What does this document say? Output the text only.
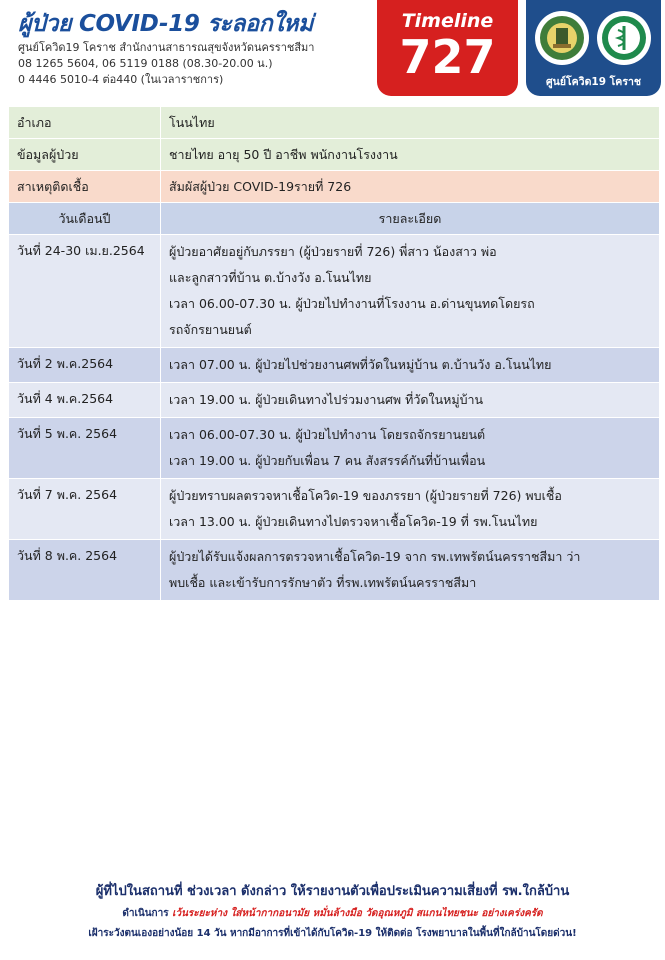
ผู้ป่วย COVID-19 ระลอกใหม่
ศูนย์โควิด19 โคราช สำนักงานสาธารณสุขจังหวัดนครราชสีมา
08 1265 5604, 06 5119 0188 (08.30-20.00 น.)
0 4446 5010-4 ต่อ440 (ในเวลาราชการ)
Timeline
727	ศูนย์โควิด19 โคราช
อำเภอ	โนนไทย
ข้อมูลผู้ป่วย	ชายไทย อายุ 50 ปี อาชีพ พนักงานโรงงาน
สาเหตุติดเชื้อ	สัมผัสผู้ป่วย COVID-19รายที่ 726
วันเดือนปี	รายละเอียด
วันที่ 24-30 เม.ย.2564	ผู้ป่วยอาศัยอยู่กับภรรยา (ผู้ป่วยรายที่ 726) พี่สาว น้องสาว พ่อ
และลูกสาวที่บ้าน ต.บ้างวัง อ.โนนไทย
เวลา 06.00-07.30 น. ผู้ป่วยไปทำงานที่โรงงาน อ.ด่านขุนทดโดยรถ
รถจักรยานยนต์

วันที่ 2 พ.ค.2564	เวลา 07.00 น. ผู้ป่วยไปช่วยงานศพที่วัดในหมู่บ้าน ต.บ้านวัง อ.โนนไทย

วันที่ 4 พ.ค.2564	เวลา 19.00 น. ผู้ป่วยเดินทางไปร่วมงานศพ ที่วัดในหมู่บ้าน

วันที่ 5 พ.ค. 2564	เวลา 06.00-07.30 น. ผู้ป่วยไปทำงาน โดยรถจักรยานยนต์
เวลา 19.00 น. ผู้ป่วยกับเพื่อน 7 คน สังสรรค์กันที่บ้านเพื่อน

วันที่ 7 พ.ค. 2564	ผู้ป่วยทราบผลตรวจหาเชื้อโควิด-19 ของภรรยา (ผู้ป่วยรายที่ 726) พบเชื้อ
เวลา 13.00 น. ผู้ป่วยเดินทางไปตรวจหาเชื้อโควิด-19 ที่ รพ.โนนไทย

วันที่ 8 พ.ค. 2564	ผู้ป่วยได้รับแจ้งผลการตรวจหาเชื้อโควิด-19 จาก รพ.เทพรัตน์นครราชสีมา ว่า
พบเชื้อ และเข้ารับการรักษาตัว ที่รพ.เทพรัตน์นครราชสีมา
ผู้ที่ไปในสถานที่ ช่วงเวลา ดังกล่าว ให้รายงานตัวเพื่อประเมินความเสี่ยงที่ รพ.ใกล้บ้าน
ดำเนินการ เว้นระยะห่าง ใส่หน้ากากอนามัย หมั่นล้างมือ วัดอุณหภูมิ สแกนไทยชนะ อย่างเคร่งครัด
เฝ้าระวังตนเองอย่างน้อย 14 วัน หากมีอาการที่เข้าได้กับโควิด-19 ให้ติดต่อ โรงพยาบาลในพื้นที่ใกล้บ้านโดยด่วน!
